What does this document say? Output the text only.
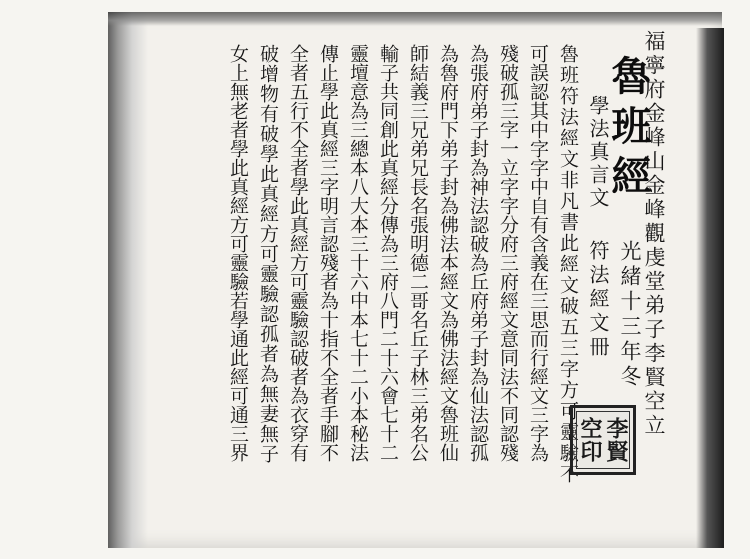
福寧府金峰山金峰觀虔堂弟子李賢空立
魯班經
光緒十三年冬
符法經文冊
學法真言文
魯班符法經文非凡書此經文破五三字方可靈驗不
可誤認其中字字中自有含義在三思而行經文三字為
殘破孤三字一立字字分府三府經文意同法不同認殘
為張府弟子封為神法認破為丘府弟子封為仙法認孤
為魯府門下弟子封為佛法本經文為佛法經文魯班仙
師結義三兄弟兄長名張明德二哥名丘子林三弟名公
輸子共同創此真經分傳為三府八門二十六會七十二
靈壇意為三總本八大本三十六中本七十二小本秘法
傳止學此真經三字明言認殘者為十指不全者手腳不
全者五行不全者學此真經方可靈驗認破者為衣穿有
破增物有破學此真經方可靈驗認孤者為無妻無子
女上無老者學此真經方可靈驗若學通此經可通三界	李賢空印
